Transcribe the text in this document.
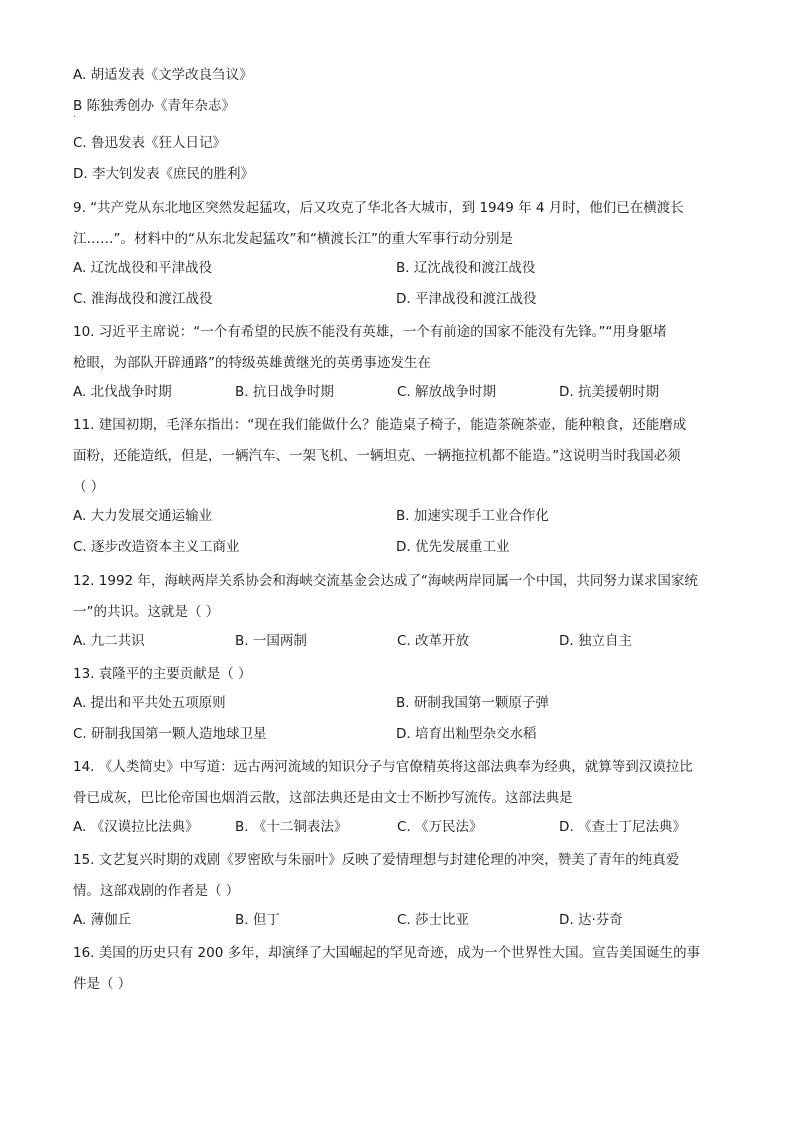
A. 胡适发表《文学改良刍议》
B 陈独秀创办《青年杂志》
·
C. 鲁迅发表《狂人日记》
D. 李大钊发表《庶民的胜利》
9. “共产党从东北地区突然发起猛攻，后又攻克了华北各大城市，到 1949 年 4 月时，他们已在横渡长
江……”。材料中的“从东北发起猛攻”和“横渡长江”的重大军事行动分别是
A. 辽沈战役和平津战役	B. 辽沈战役和渡江战役
C. 淮海战役和渡江战役	D. 平津战役和渡江战役
10. 习近平主席说：“一个有希望的民族不能没有英雄，一个有前途的国家不能没有先锋。”“用身躯堵
枪眼，为部队开辟通路”的特级英雄黄继光的英勇事迹发生在
A. 北伐战争时期	B. 抗日战争时期	C. 解放战争时期	D. 抗美援朝时期
11. 建国初期，毛泽东指出：“现在我们能做什么？能造桌子椅子，能造茶碗茶壶，能种粮食，还能磨成
面粉，还能造纸，但是，一辆汽车、一架飞机、一辆坦克、一辆拖拉机都不能造。”这说明当时我国必须
（ ）
A. 大力发展交通运输业	B. 加速实现手工业合作化
C. 逐步改造资本主义工商业	D. 优先发展重工业
12. 1992 年，海峡两岸关系协会和海峡交流基金会达成了“海峡两岸同属一个中国，共同努力谋求国家统
一”的共识。这就是（ ）
A. 九二共识	B. 一国两制	C. 改革开放	D. 独立自主
13. 袁隆平的主要贡献是（ ）
A. 提出和平共处五项原则	B. 研制我国第一颗原子弹
C. 研制我国第一颗人造地球卫星	D. 培育出籼型杂交水稻
14. 《人类简史》中写道：远古两河流域的知识分子与官僚精英将这部法典奉为经典，就算等到汉谟拉比
骨已成灰，巴比伦帝国也烟消云散，这部法典还是由文士不断抄写流传。这部法典是
A. 《汉谟拉比法典》	B. 《十二铜表法》	C. 《万民法》	D. 《查士丁尼法典》
15. 文艺复兴时期的戏剧《罗密欧与朱丽叶》反映了爱情理想与封建伦理的冲突，赞美了青年的纯真爱
情。这部戏剧的作者是（ ）
A. 薄伽丘	B. 但丁	C. 莎士比亚	D. 达·芬奇
16. 美国的历史只有 200 多年，却演绎了大国崛起的罕见奇迹，成为一个世界性大国。宣告美国诞生的事
件是（ ）
